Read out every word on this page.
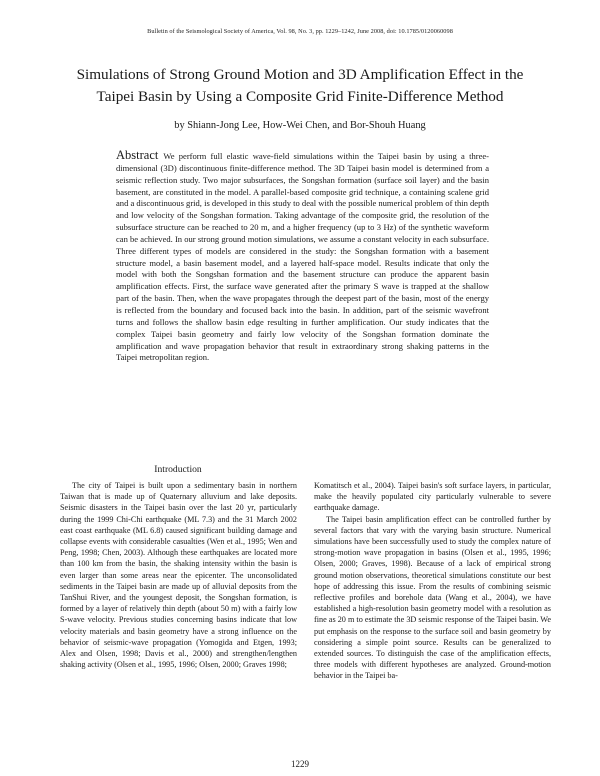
Bulletin of the Seismological Society of America, Vol. 98, No. 3, pp. 1229–1242, June 2008, doi: 10.1785/0120060098
Simulations of Strong Ground Motion and 3D Amplification Effect in the
Taipei Basin by Using a Composite Grid Finite-Difference Method
by Shiann-Jong Lee, How-Wei Chen, and Bor-Shouh Huang
Abstract We perform full elastic wave-field simulations within the Taipei basin by using a three-dimensional (3D) discontinuous finite-difference method. The 3D Taipei basin model is determined from a seismic reflection study. Two major subsurfaces, the Songshan formation (surface soil layer) and the basin basement, are constituted in the model. A parallel-based composite grid technique, a containing scalene grid and a discontinuous grid, is developed in this study to deal with the possible numerical problem of thin depth and low velocity of the Songshan formation. Taking advantage of the composite grid, the resolution of the subsurface structure can be reached to 20 m, and a higher frequency (up to 3 Hz) of the synthetic waveform can be achieved. In our strong ground motion simulations, we assume a constant velocity in each subsurface. Three different types of models are considered in the study: the Songshan formation with a basement structure model, a basin basement model, and a layered half-space model. Results indicate that only the model with both the Songshan formation and the basement structure can produce the apparent basin amplification effects. First, the surface wave generated after the primary S wave is trapped at the shallow part of the basin. Then, when the wave propagates through the deepest part of the basin, most of the energy is reflected from the boundary and focused back into the basin. In addition, part of the seismic wavefront turns and follows the shallow basin edge resulting in further amplification. Our study indicates that the complex Taipei basin geometry and fairly low velocity of the Songshan formation dominate the amplification and wave propagation behavior that result in extraordinary strong shaking patterns in the Taipei metropolitan region.
Introduction

The city of Taipei is built upon a sedimentary basin in northern Taiwan that is made up of Quaternary alluvium and lake deposits. Seismic disasters in the Taipei basin over the last 20 yr, particularly during the 1999 Chi-Chi earthquake (ML 7.3) and the 31 March 2002 east coast earthquake (ML 6.8) caused significant building damage and collapse events with considerable casualties (Wen et al., 1995; Wen and Peng, 1998; Chen, 2003). Although these earthquakes are located more than 100 km from the basin, the shaking intensity within the basin is even larger than some areas near the epicenter. The unconsolidated sediments in the Taipei basin are made up of alluvial deposits from the TanShui River, and the youngest deposit, the Songshan formation, is formed by a layer of relatively thin depth (about 50 m) with a fairly low S-wave velocity. Previous studies concerning basins indicate that low velocity materials and basin geometry have a strong influence on the behavior of seismic-wave propagation (Yomogida and Etgen, 1993; Alex and Olsen, 1998; Davis et al., 2000) and strengthen/lengthen shaking activity (Olsen et al., 1995, 1996; Olsen, 2000; Graves 1998;

Komatitsch et al., 2004). Taipei basin's soft surface layers, in particular, make the heavily populated city particularly vulnerable to severe earthquake damage.

The Taipei basin amplification effect can be controlled further by several factors that vary with the varying basin structure. Numerical simulations have been successfully used to study the complex nature of strong-motion wave propagation in basins (Olsen et al., 1995, 1996; Olsen, 2000; Graves, 1998). Because of a lack of empirical strong ground motion observations, theoretical simulations constitute our best hope of addressing this issue. From the results of combining seismic reflective profiles and borehole data (Wang et al., 2004), we have established a high-resolution basin geometry model with a resolution as fine as 20 m to estimate the 3D seismic response of the Taipei basin. We put emphasis on the response to the surface soil and basin geometry by considering a simple point source. Results can be generalized to extended sources. To distinguish the case of the amplification effects, three models with different hypotheses are analyzed. Ground-motion behavior in the Taipei ba-

1229
